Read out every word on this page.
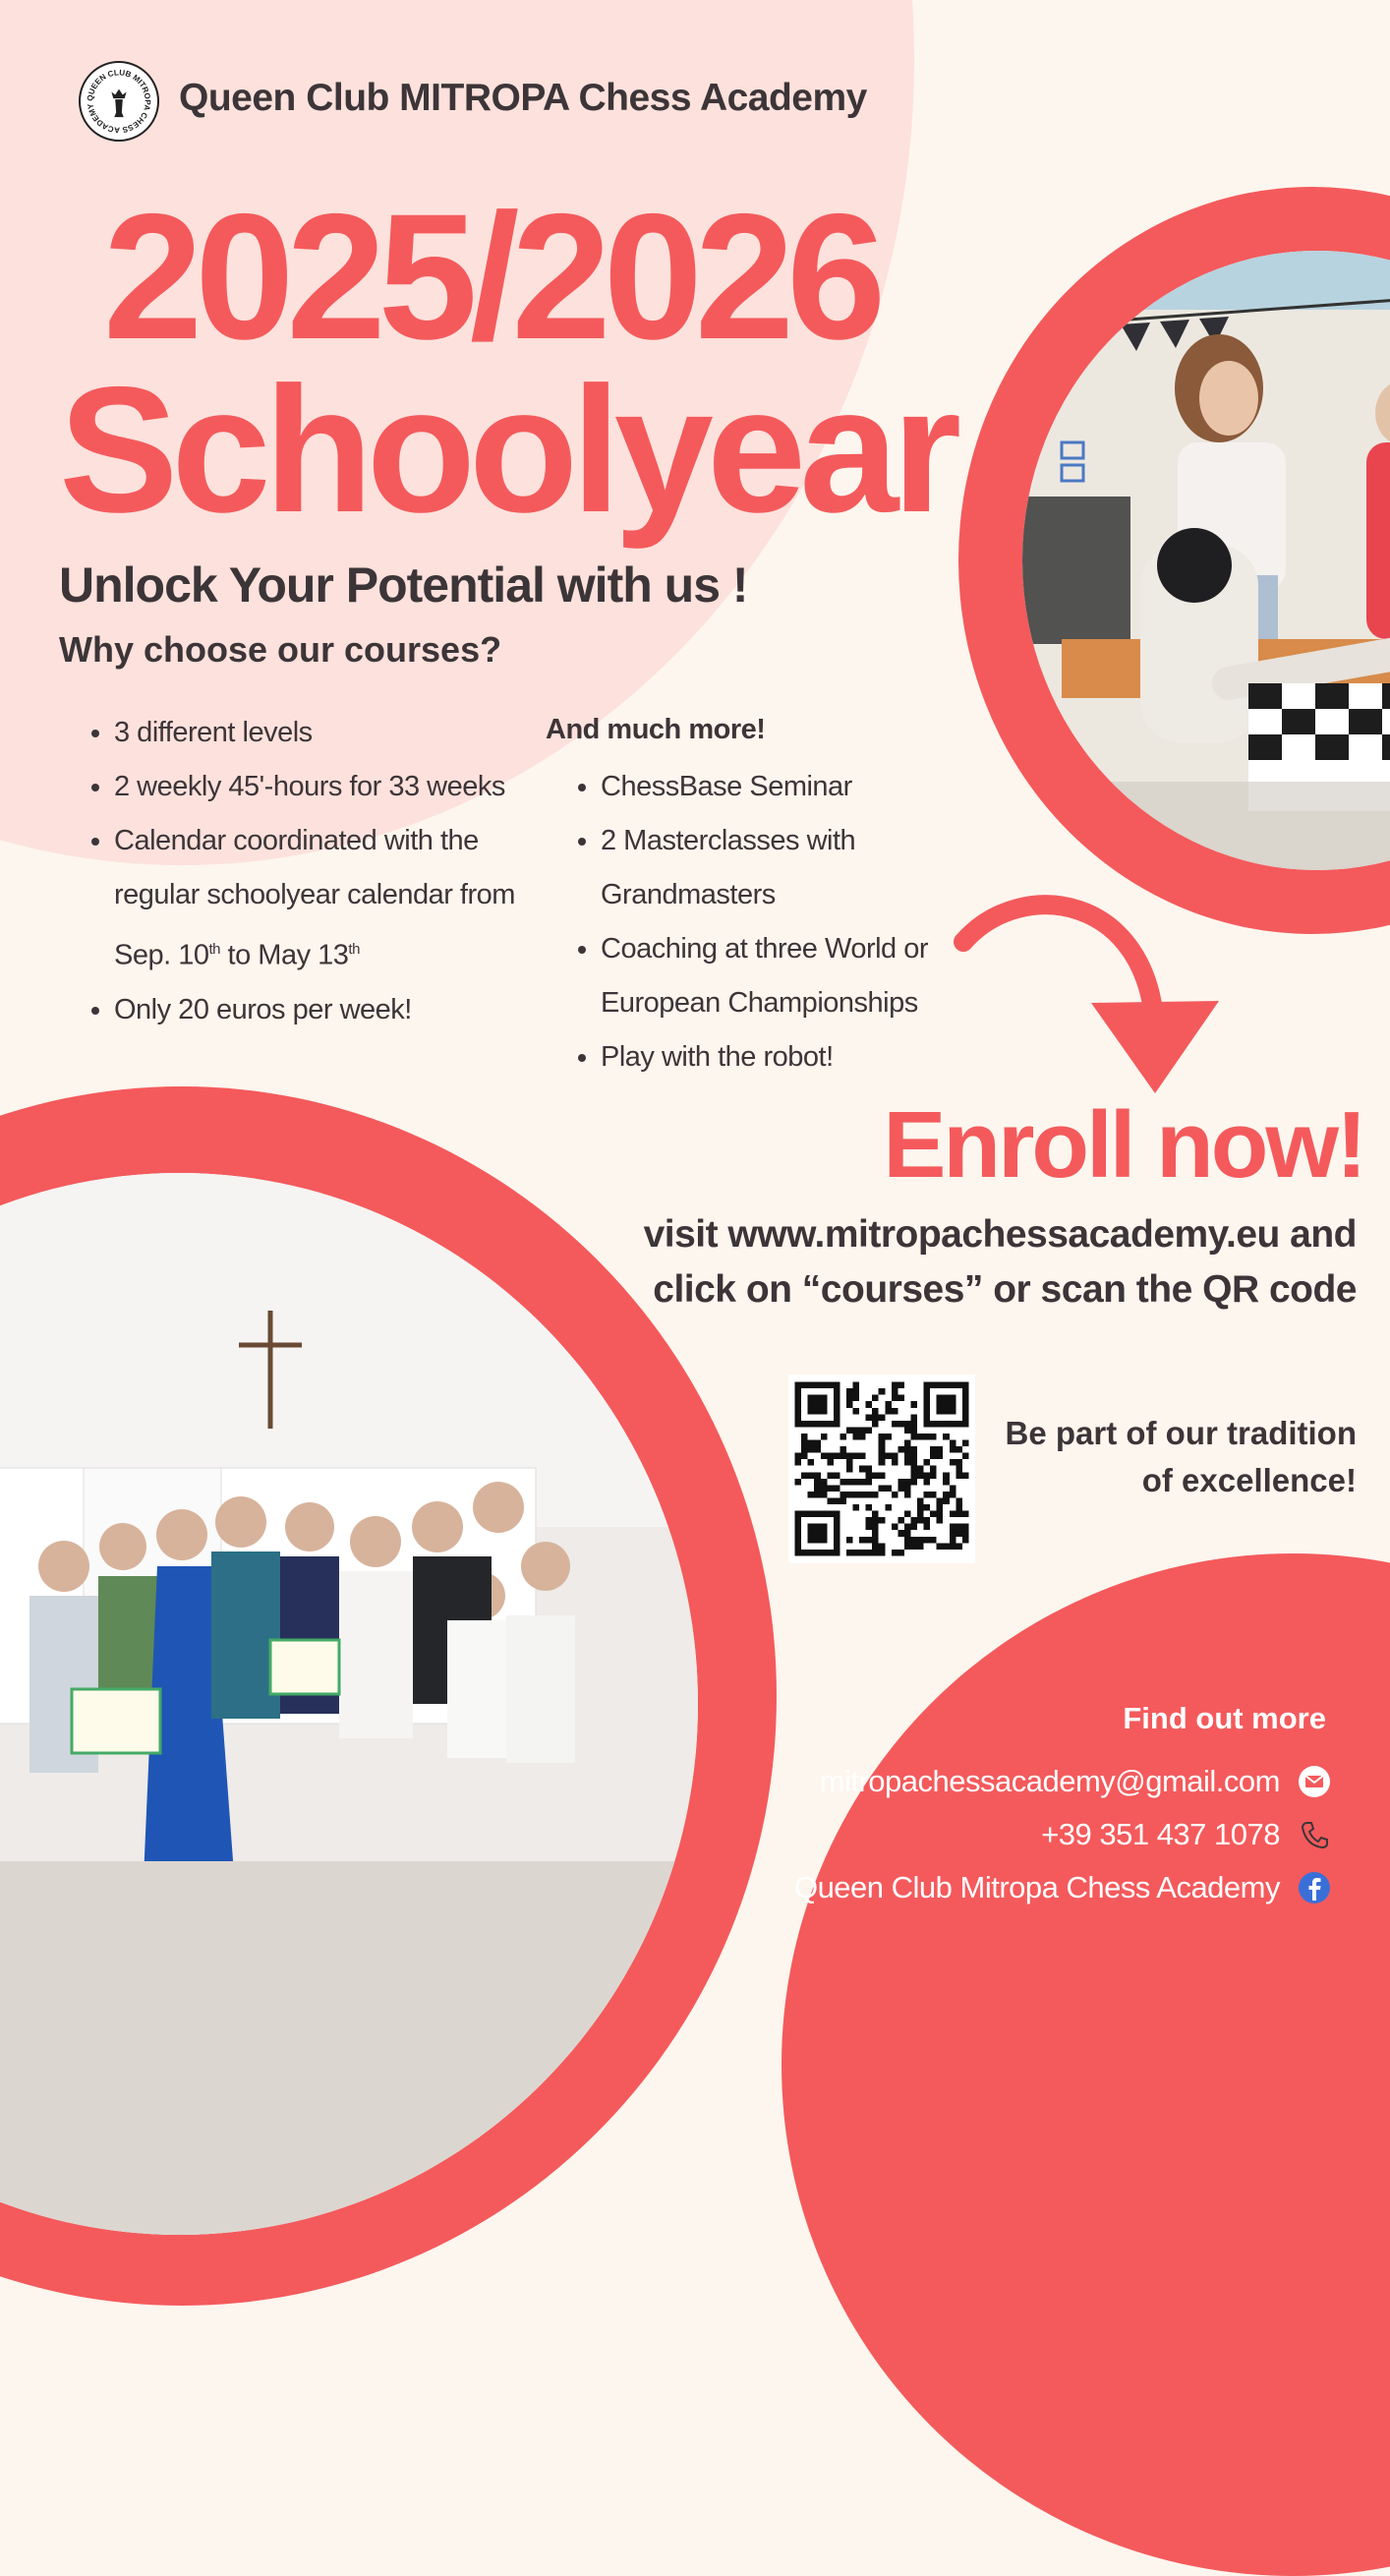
QUEEN CLUB MITROPA CHESS ACADEMY	Queen Club MITROPA Chess Academy
2025/2026
Schoolyear
Unlock Your Potential with us !
Why choose our courses?
• 3 different levels
• 2 weekly 45'-hours for 33 weeks
• Calendar coordinated with the regular schoolyear calendar from Sep. 10th to May 13th
• Only 20 euros per week!
And much more!
• ChessBase Seminar
• 2 Masterclasses with Grandmasters
• Coaching at three World or European Championships
• Play with the robot!
Enroll now!
visit www.mitropachessacademy.eu and
click on “courses” or scan the QR code
Be part of our tradition
of excellence!
Find out more
mitropachessacademy@gmail.com
+39 351 437 1078
Queen Club Mitropa Chess Academy
